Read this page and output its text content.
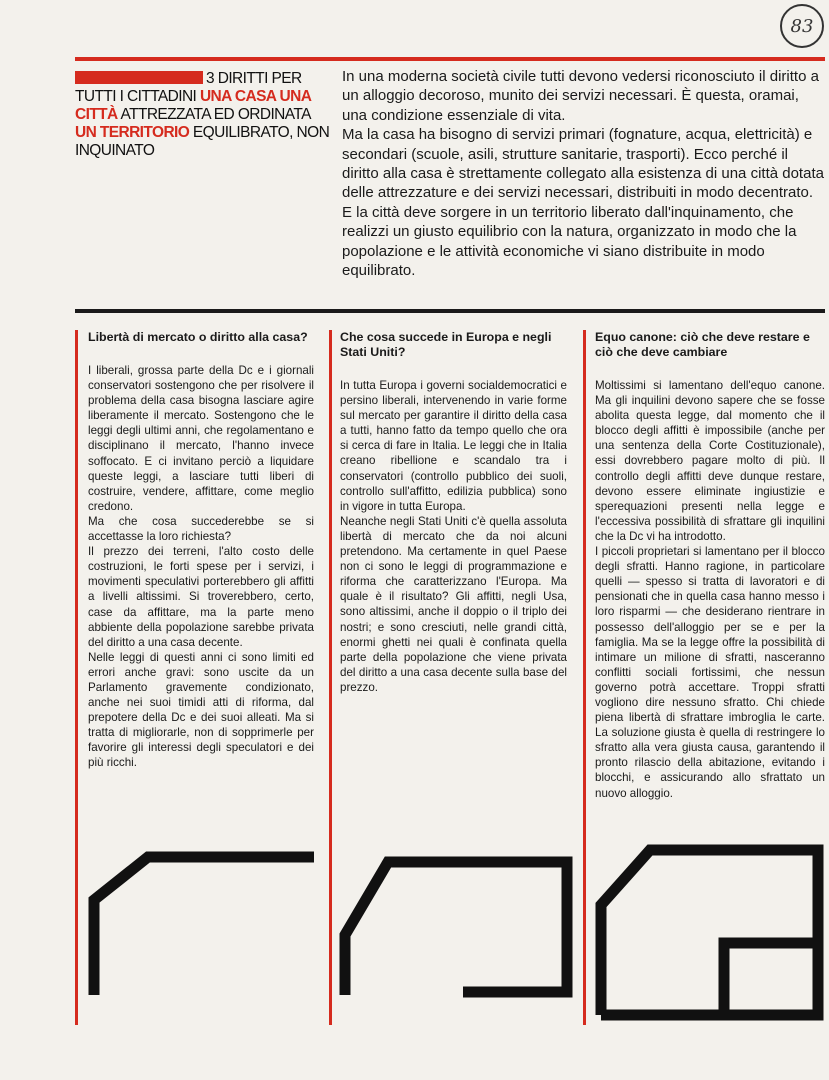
83
3 DIRITTI PER TUTTI I CITTADINI UNA CASA UNA CITTÀ ATTREZZATA ED ORDINATA UN TERRITORIO EQUILIBRATO, NON INQUINATO

In una moderna società civile tutti devono vedersi riconosciuto il diritto a un alloggio decoroso, munito dei servizi necessari. È questa, oramai, una condizione essenziale di vita.

Ma la casa ha bisogno di servizi primari (fognature, acqua, elettricità) e secondari (scuole, asili, strutture sanitarie, trasporti). Ecco perché il diritto alla casa è strettamente collegato alla esistenza di una città dotata delle attrezzature e dei servizi necessari, distribuiti in modo decentrato. E la città deve sorgere in un territorio liberato dall'inquinamento, che realizzi un giusto equilibrio con la natura, organizzato in modo che la popolazione e le attività economiche vi siano distribuite in modo equilibrato.

Libertà di mercato o diritto alla casa?

I liberali, grossa parte della Dc e i giornali conservatori sostengono che per risolvere il problema della casa bisogna lasciare agire liberamente il mercato. Sostengono che le leggi degli ultimi anni, che regolamentano e disciplinano il mercato, l'hanno invece soffocato. E ci invitano perciò a liquidare queste leggi, a lasciare tutti liberi di costruire, vendere, affittare, come meglio credono.

Ma che cosa succederebbe se si accettasse la loro richiesta?

Il prezzo dei terreni, l'alto costo delle costruzioni, le forti spese per i servizi, i movimenti speculativi porterebbero gli affitti a livelli altissimi. Si troverebbero, certo, case da affittare, ma la parte meno abbiente della popolazione sarebbe privata del diritto a una casa decente.

Nelle leggi di questi anni ci sono limiti ed errori anche gravi: sono uscite da un Parlamento gravemente condizionato, anche nei suoi timidi atti di riforma, dal prepotere della Dc e dei suoi alleati. Ma si tratta di migliorarle, non di sopprimerle per favorire gli interessi degli speculatori e dei più ricchi.

Che cosa succede in Europa e negli Stati Uniti?

In tutta Europa i governi socialdemocratici e persino liberali, intervenendo in varie forme sul mercato per garantire il diritto della casa a tutti, hanno fatto da tempo quello che ora si cerca di fare in Italia. Le leggi che in Italia creano ribellione e scandalo tra i conservatori (controllo pubblico dei suoli, controllo sull'affitto, edilizia pubblica) sono in vigore in tutta Europa.

Neanche negli Stati Uniti c'è quella assoluta libertà di mercato che da noi alcuni pretendono. Ma certamente in quel Paese non ci sono le leggi di programmazione e riforma che caratterizzano l'Europa. Ma quale è il risultato? Gli affitti, negli Usa, sono altissimi, anche il doppio o il triplo dei nostri; e sono cresciuti, nelle grandi città, enormi ghetti nei quali è confinata quella parte della popolazione che viene privata del diritto a una casa decente sulla base del prezzo.

Equo canone: ciò che deve restare e ciò che deve cambiare

Moltissimi si lamentano dell'equo canone. Ma gli inquilini devono sapere che se fosse abolita questa legge, dal momento che il blocco degli affitti è impossibile (anche per una sentenza della Corte Costituzionale), essi dovrebbero pagare molto di più. Il controllo degli affitti deve dunque restare, devono essere eliminate ingiustizie e sperequazioni presenti nella legge e l'eccessiva possibilità di sfrattare gli inquilini che la Dc vi ha introdotto.

I piccoli proprietari si lamentano per il blocco degli sfratti. Hanno ragione, in particolare quelli — spesso si tratta di lavoratori e di pensionati che in quella casa hanno messo i loro risparmi — che desiderano rientrare in possesso dell'alloggio per se e per la famiglia. Ma se la legge offre la possibilità di intimare un milione di sfratti, nasceranno conflitti sociali fortissimi, che nessun governo potrà accettare. Troppi sfratti vogliono dire nessuno sfratto. Chi chiede piena libertà di sfrattare imbroglia le carte. La soluzione giusta è quella di restringere lo sfratto alla vera giusta causa, garantendo il pronto rilascio della abitazione, evitando i blocchi, e assicurando allo sfrattato un nuovo alloggio.
